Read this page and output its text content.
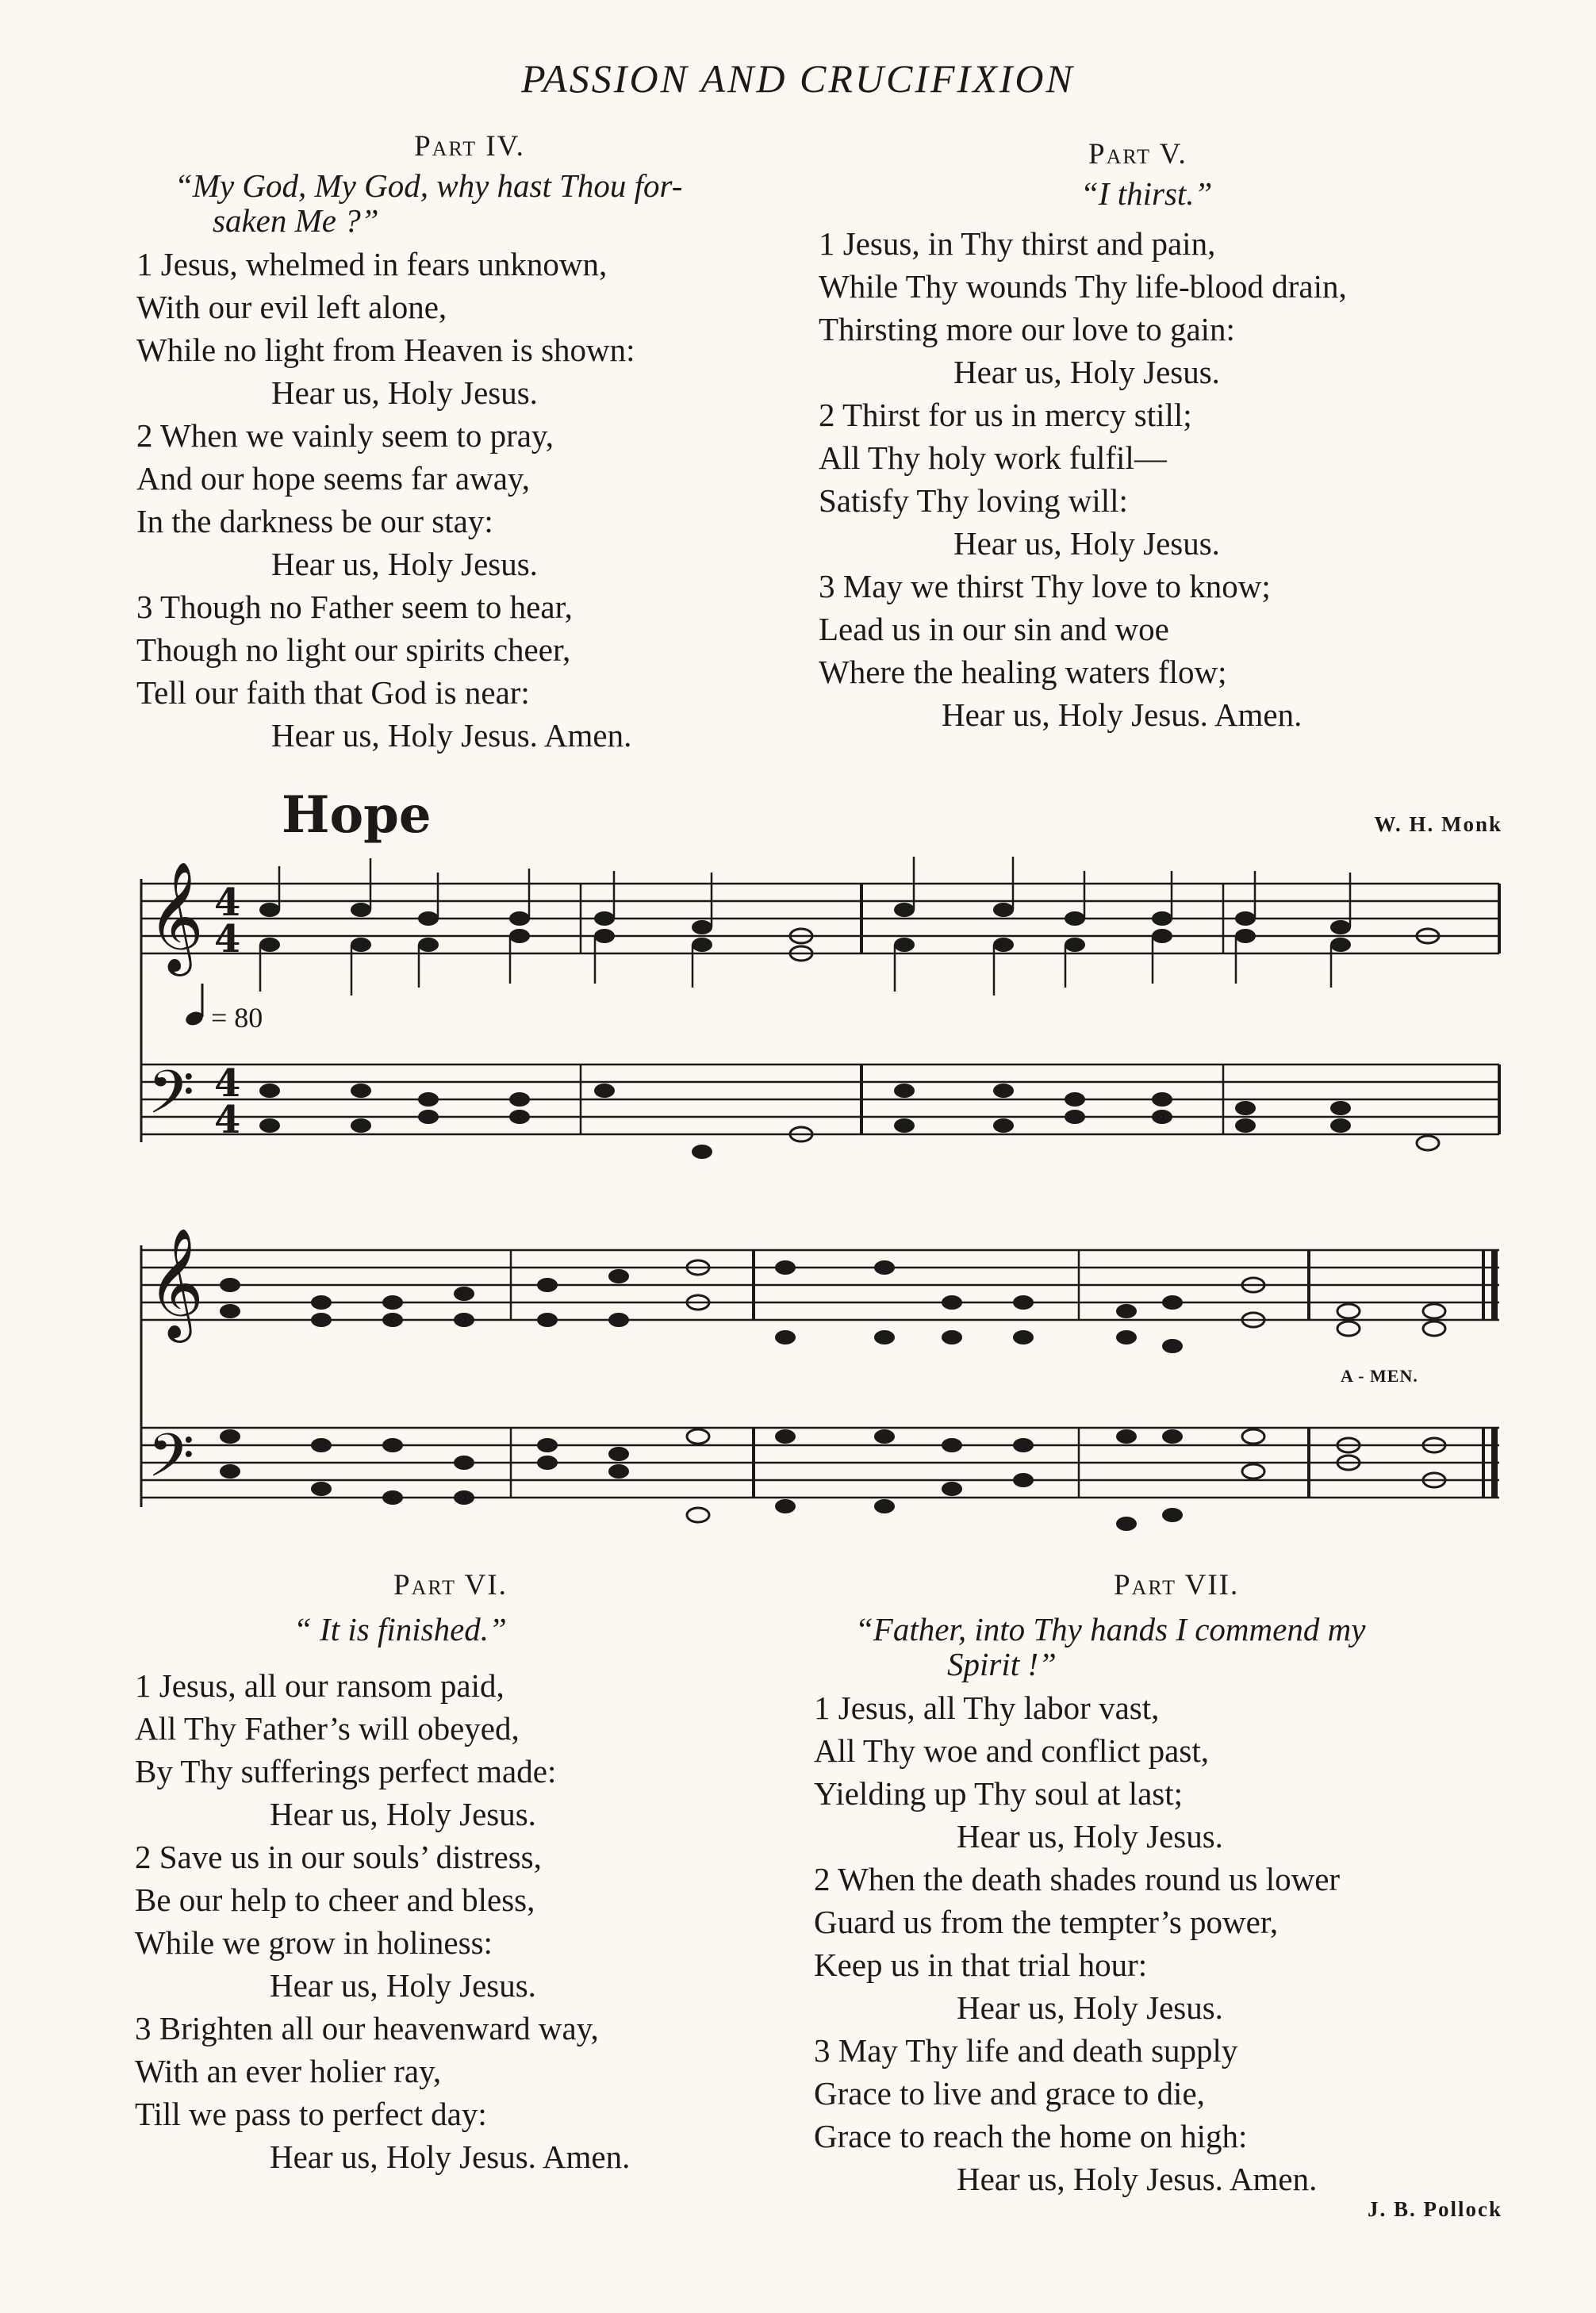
PASSION AND CRUCIFIXION
Part IV.
“My God, My God, why hast Thou for-
saken Me ?”
1 Jesus, whelmed in fears unknown,
With our evil left alone,
While no light from Heaven is shown:
Hear us, Holy Jesus.
2 When we vainly seem to pray,
And our hope seems far away,
In the darkness be our stay:
Hear us, Holy Jesus.
3 Though no Father seem to hear,
Though no light our spirits cheer,
Tell our faith that God is near:
Hear us, Holy Jesus. Amen.
Part V.
“I thirst.”
1 Jesus, in Thy thirst and pain,
While Thy wounds Thy life-blood drain,
Thirsting more our love to gain:
Hear us, Holy Jesus.
2 Thirst for us in mercy still;
All Thy holy work fulfil—
Satisfy Thy loving will:
Hear us, Holy Jesus.
3 May we thirst Thy love to know;
Lead us in our sin and woe
Where the healing waters flow;
Hear us, Holy Jesus. Amen.
Hope	W. H. Monk
𝄞
𝄢
𝄞
𝄢
4
4
4
4
= 80
A - MEN.
Part VI.
“ It is finished.”
1 Jesus, all our ransom paid,
All Thy Father’s will obeyed,
By Thy sufferings perfect made:
Hear us, Holy Jesus.
2 Save us in our souls’ distress,
Be our help to cheer and bless,
While we grow in holiness:
Hear us, Holy Jesus.
3 Brighten all our heavenward way,
With an ever holier ray,
Till we pass to perfect day:
Hear us, Holy Jesus. Amen.
Part VII.
“Father, into Thy hands I commend my
Spirit !”
1 Jesus, all Thy labor vast,
All Thy woe and conflict past,
Yielding up Thy soul at last;
Hear us, Holy Jesus.
2 When the death shades round us lower
Guard us from the tempter’s power,
Keep us in that trial hour:
Hear us, Holy Jesus.
3 May Thy life and death supply
Grace to live and grace to die,
Grace to reach the home on high:
Hear us, Holy Jesus. Amen.
J. B. Pollock
